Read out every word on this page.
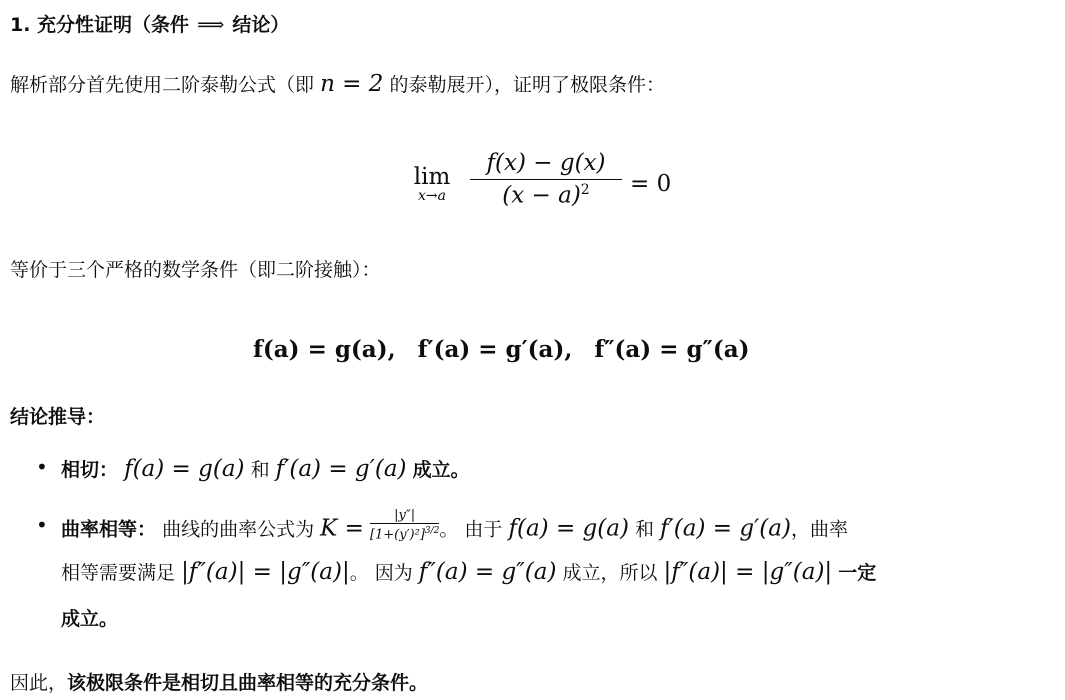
1. 充分性证明（条件 ⟹ 结论）
解析部分首先使用二阶泰勒公式（即 n = 2 的泰勒展开），证明了极限条件：
lim
x→a	$\frac{f(x) - g(x)}{(x - a)^2} = 0$
等价于三个严格的数学条件（即二阶接触）：
f(a) = g(a), f′(a) = g′(a), f″(a) = g″(a)
结论推导：
• 相切： f(a) = g(a) 和 f′(a) = g′(a) 成立。
• 曲率相等： 曲线的曲率公式为 $K = \frac{|y''|}{[1+(y')^2]^{3/2}}$ 。 由于 f(a) = g(a) 和 f′(a) = g′(a)，曲率
相等需要满足 |f″(a)| = |g″(a)|。 因为 f″(a) = g″(a) 成立，所以 |f″(a)| = |g″(a)| 一定
成立。
因此，该极限条件是相切且曲率相等的充分条件。
